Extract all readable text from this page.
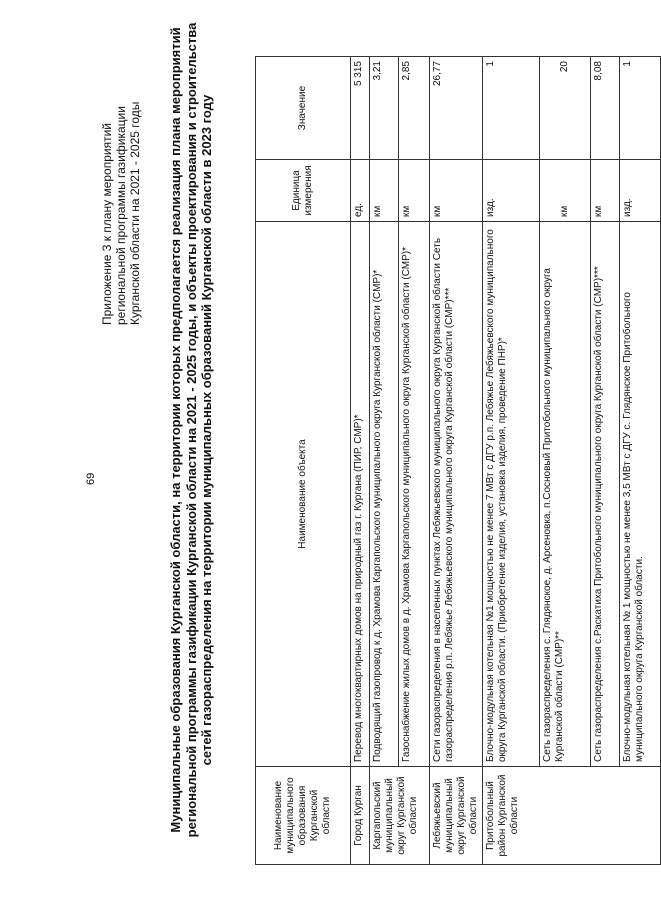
69
Приложение 3 к плану мероприятий региональной программы газификации Курганской области на 2021 - 2025 годы Муниципальные образования Курганской области, на территории которых предполагается реализация плана мероприятий региональной программы газификации Курганской области на 2021 - 2025 годы, и объекты проектирования и строительства сетей газораспределения на территории муниципальных образований Курганской области в 2023 году
Наименование муниципального образования Курганской области	Наименование объекта	Единица измерения	Значение
Город Курган	Перевод многоквартирных домов на природный газ г. Кургана (ПИР, СМР)*	ед.	5 315
Каргапольский муниципальный округ Курганской области	Подводящий газопровод к д. Храмова Каргапольского муниципального округа Курганской области (СМР)*	км	3,21
	Газоснабжение жилых домов в д. Храмова Каргапольского муниципального округа Курганской области (СМР)*	км	2,85
Лебяжьевский муниципальный округ Курганской области	Сети газораспределения в населенных пунктах Лебяжьевского муниципального округа Курганской области Сеть газораспределения р.п. Лебяжье Лебяжьевского муниципального округа Курганской области (СМР)***	км	26,77
Притобольный район Курганской области	Блочно-модульная котельная №1 мощностью не менее 7 МВт с ДГУ р.п. Лебяжье Лебяжьевского муниципального округа Курганской области. (Приобретение изделия, установка изделия, проведение ПНР)*	изд.	1
	Сеть газораспределения с. Глядянское, д. Арсеновка, п.Сосновый Притобольного муниципального округа Курганской области (СМР)**	км	20
	Сеть газораспределения с.Раскатиха Притобольного муниципального округа Курганской области (СМР)***	км	8,08
	Блочно-модульная котельная № 1 мощностью не менее 3,5 МВт с ДГУ с. Глядянское Притобольного муниципального округа Курганской области.	изд.	1
